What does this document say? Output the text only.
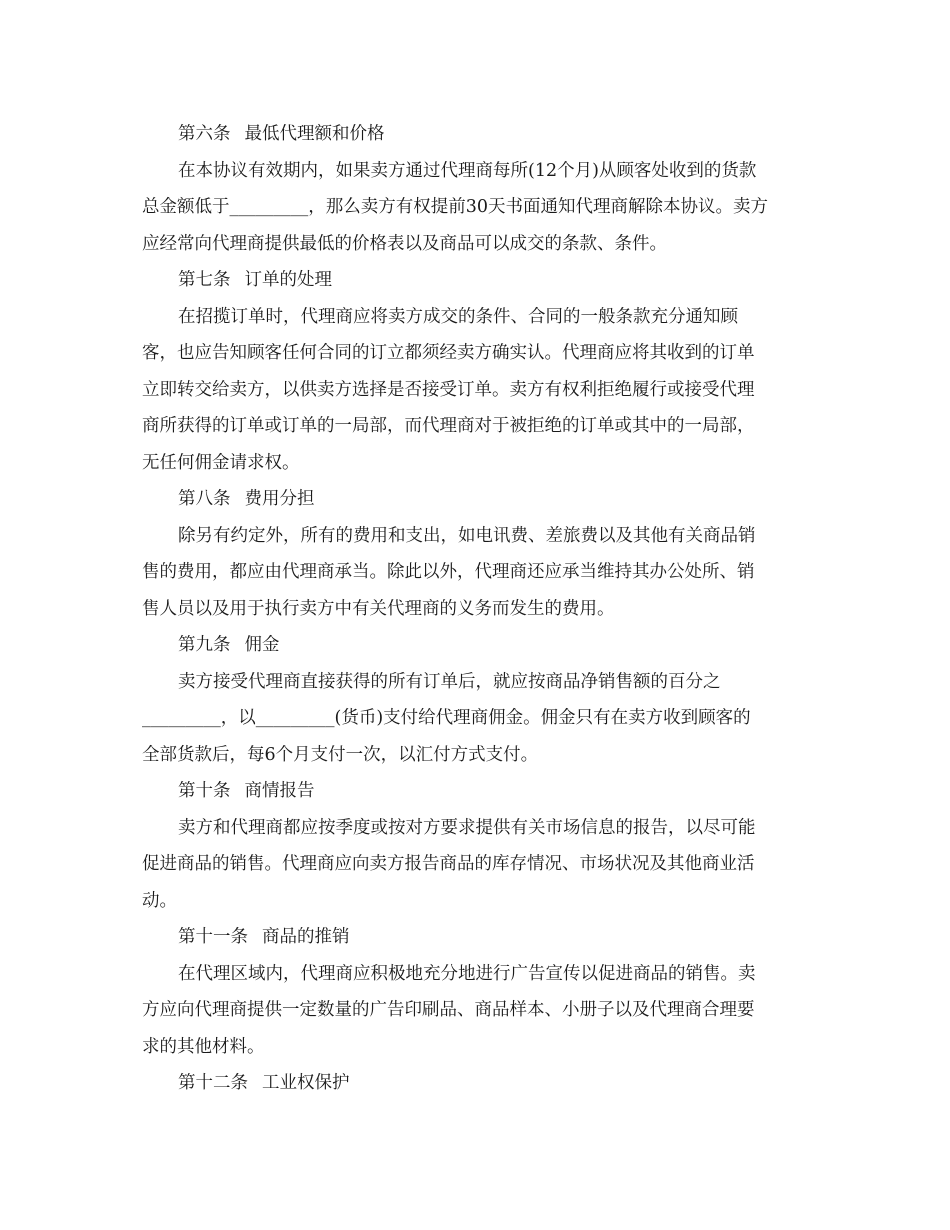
第六条 最低代理额和价格
在本协议有效期内，如果卖方通过代理商每所(12个月)从顾客处收到的货款
总金额低于_________，那么卖方有权提前30天书面通知代理商解除本协议。卖方
应经常向代理商提供最低的价格表以及商品可以成交的条款、条件。
第七条 订单的处理
在招揽订单时，代理商应将卖方成交的条件、合同的一般条款充分通知顾
客，也应告知顾客任何合同的订立都须经卖方确实认。代理商应将其收到的订单
立即转交给卖方，以供卖方选择是否接受订单。卖方有权利拒绝履行或接受代理
商所获得的订单或订单的一局部，而代理商对于被拒绝的订单或其中的一局部，
无任何佣金请求权。
第八条 费用分担
除另有约定外，所有的费用和支出，如电讯费、差旅费以及其他有关商品销
售的费用，都应由代理商承当。除此以外，代理商还应承当维持其办公处所、销
售人员以及用于执行卖方中有关代理商的义务而发生的费用。
第九条 佣金
卖方接受代理商直接获得的所有订单后，就应按商品净销售额的百分之
_________，以_________(货币)支付给代理商佣金。佣金只有在卖方收到顾客的
全部货款后，每6个月支付一次，以汇付方式支付。
第十条 商情报告
卖方和代理商都应按季度或按对方要求提供有关市场信息的报告，以尽可能
促进商品的销售。代理商应向卖方报告商品的库存情况、市场状况及其他商业活
动。
第十一条 商品的推销
在代理区域内，代理商应积极地充分地进行广告宣传以促进商品的销售。卖
方应向代理商提供一定数量的广告印刷品、商品样本、小册子以及代理商合理要
求的其他材料。
第十二条 工业权保护
